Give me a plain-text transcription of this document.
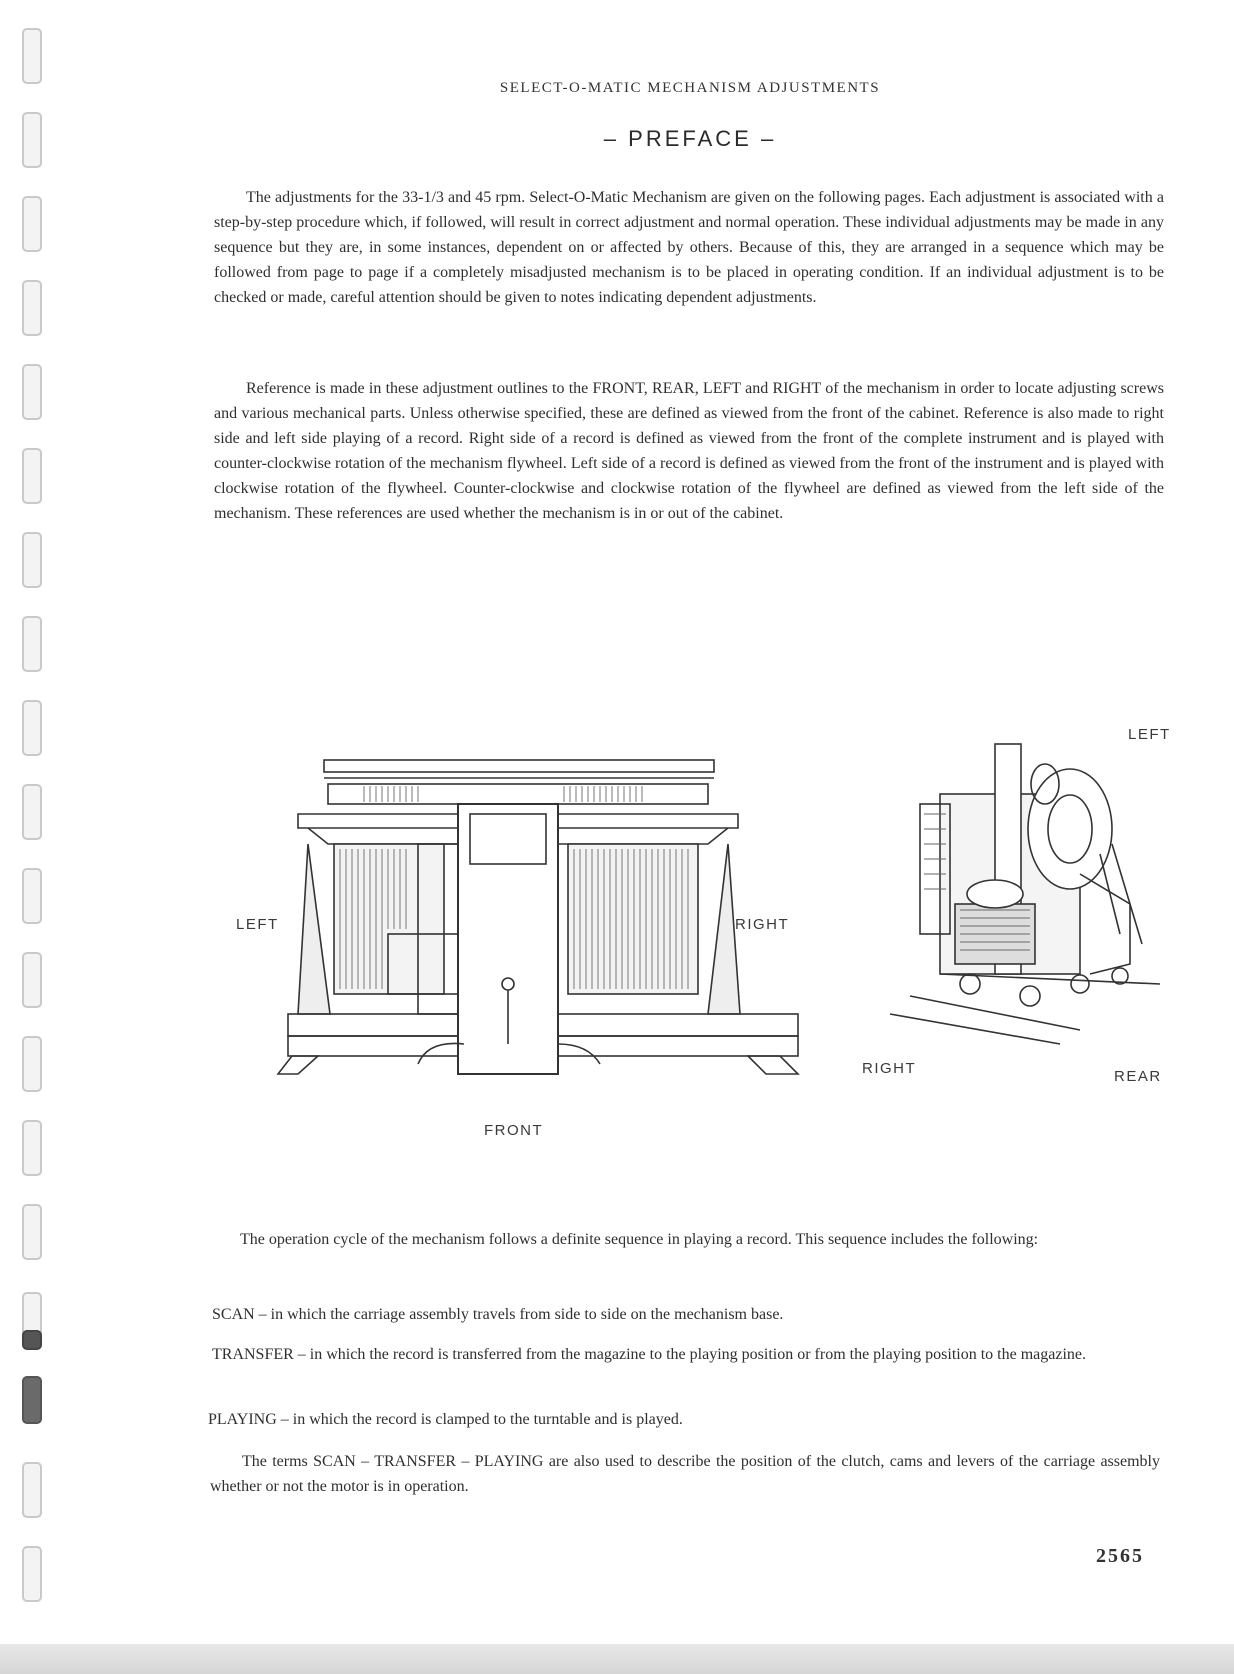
SELECT-O-MATIC MECHANISM ADJUSTMENTS
– PREFACE –

The adjustments for the 33-1/3 and 45 rpm. Select-O-Matic Mechanism are given on the following pages. Each adjustment is associated with a step-by-step procedure which, if followed, will result in correct adjustment and normal operation. These individual adjustments may be made in any sequence but they are, in some instances, dependent on or affected by others. Because of this, they are arranged in a sequence which may be followed from page to page if a completely misadjusted mechanism is to be placed in operating condition. If an individual adjustment is to be checked or made, careful attention should be given to notes indicating dependent adjustments.

Reference is made in these adjustment outlines to the FRONT, REAR, LEFT and RIGHT of the mechanism in order to locate adjusting screws and various mechanical parts. Unless otherwise specified, these are defined as viewed from the front of the cabinet. Reference is also made to right side and left side playing of a record. Right side of a record is defined as viewed from the front of the complete instrument and is played with counter-clockwise rotation of the mechanism flywheel. Left side of a record is defined as viewed from the front of the instrument and is played with clockwise rotation of the flywheel. Counter-clockwise and clockwise rotation of the flywheel are defined as viewed from the left side of the mechanism. These references are used whether the mechanism is in or out of the cabinet.

LEFT	RIGHT
FRONT
LEFT
RIGHT	REAR

The operation cycle of the mechanism follows a definite sequence in playing a record. This sequence includes the following:

SCAN – in which the carriage assembly travels from side to side on the mechanism base.

TRANSFER – in which the record is transferred from the magazine to the playing position or from the playing position to the magazine.

PLAYING – in which the record is clamped to the turntable and is played.

The terms SCAN – TRANSFER – PLAYING are also used to describe the position of the clutch, cams and levers of the carriage assembly whether or not the motor is in operation.

2565
